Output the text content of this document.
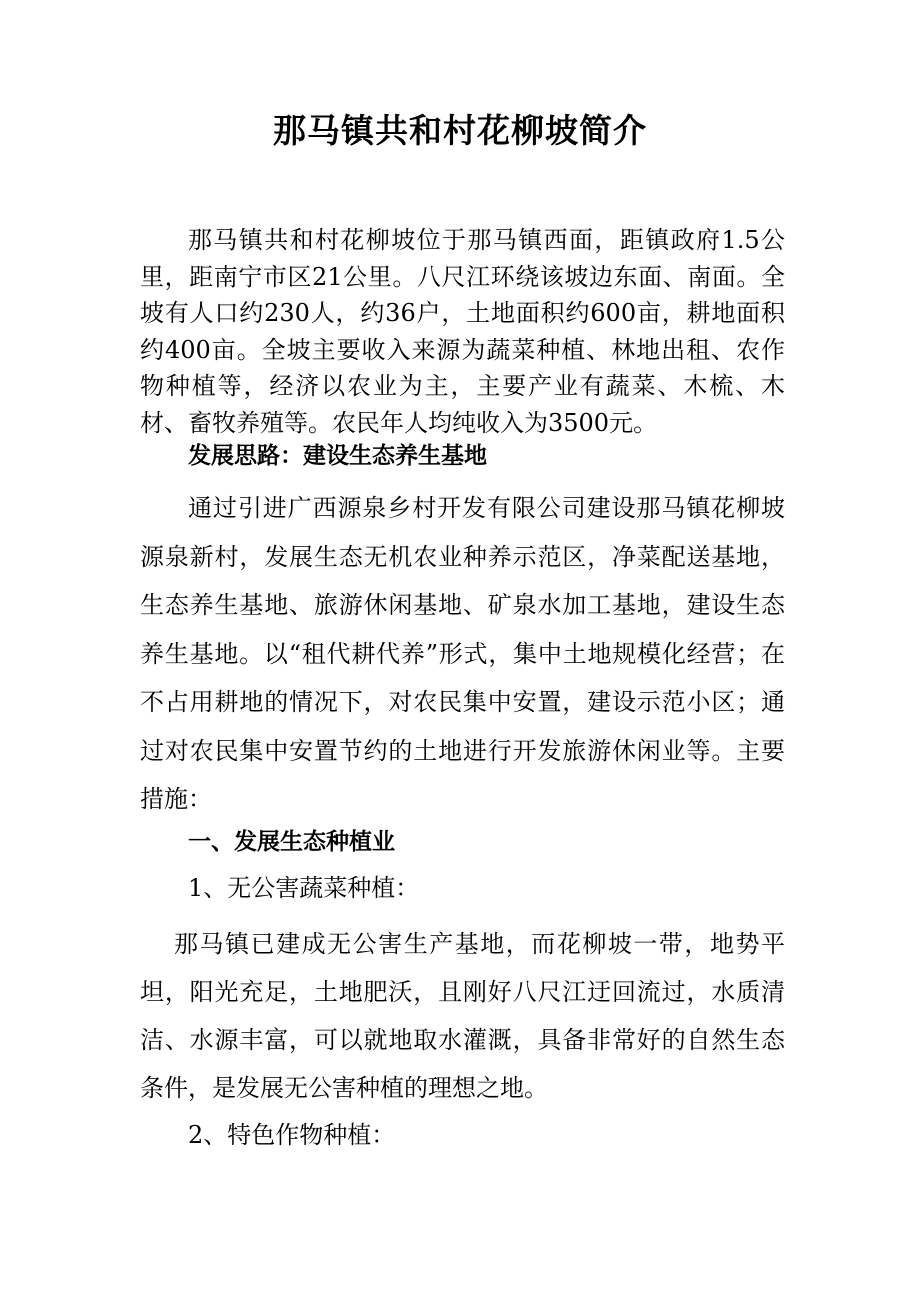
那马镇共和村花柳坡简介

那马镇共和村花柳坡位于那马镇西面，距镇政府1.5公里，距南宁市区21公里。八尺江环绕该坡边东面、南面。全坡有人口约230人，约36户，土地面积约600亩，耕地面积约400亩。全坡主要收入来源为蔬菜种植、林地出租、农作物种植等，经济以农业为主，主要产业有蔬菜、木梳、木材、畜牧养殖等。农民年人均纯收入为3500元。

发展思路：建设生态养生基地

通过引进广西源泉乡村开发有限公司建设那马镇花柳坡源泉新村，发展生态无机农业种养示范区，净菜配送基地，生态养生基地、旅游休闲基地、矿泉水加工基地，建设生态养生基地。以“租代耕代养”形式，集中土地规模化经营；在不占用耕地的情况下，对农民集中安置，建设示范小区；通过对农民集中安置节约的土地进行开发旅游休闲业等。主要措施：

一、发展生态种植业

1、无公害蔬菜种植：

那马镇已建成无公害生产基地，而花柳坡一带，地势平坦，阳光充足，土地肥沃，且刚好八尺江迂回流过，水质清洁、水源丰富，可以就地取水灌溉，具备非常好的自然生态条件，是发展无公害种植的理想之地。

2、特色作物种植：
